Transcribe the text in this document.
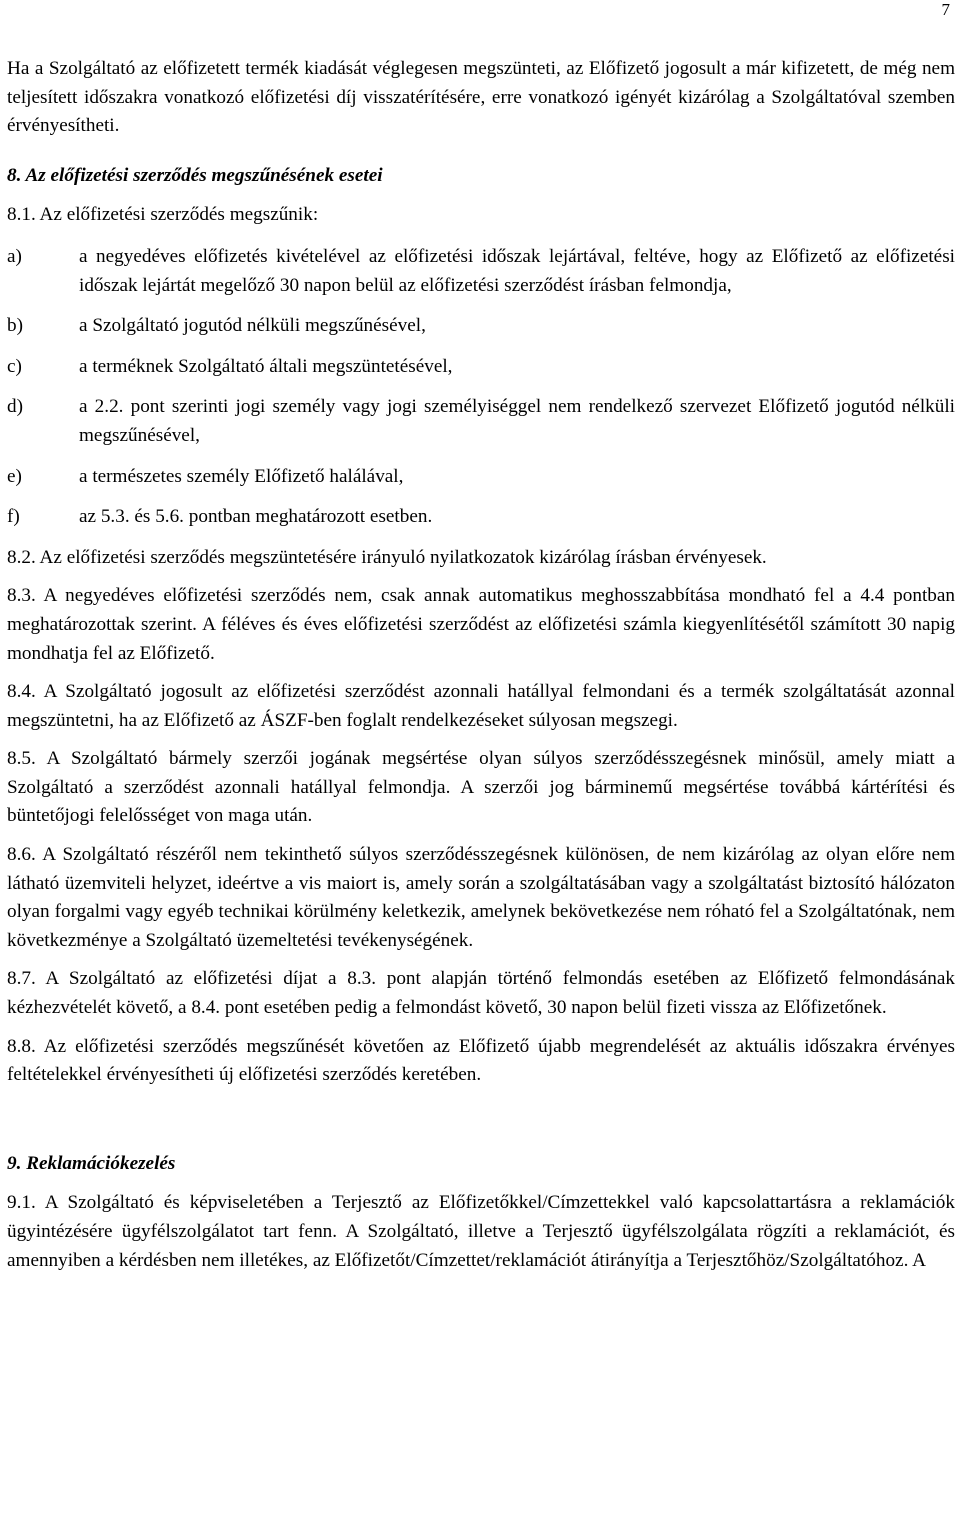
7

Ha a Szolgáltató az előfizetett termék kiadását véglegesen megszünteti, az Előfizető jogosult a már kifizetett, de még nem teljesített időszakra vonatkozó előfizetési díj visszatérítésére, erre vonatkozó igényét kizárólag a Szolgáltatóval szemben érvényesítheti.

8. Az előfizetési szerződés megszűnésének esetei

8.1. Az előfizetési szerződés megszűnik:

a)	a negyedéves előfizetés kivételével az előfizetési időszak lejártával, feltéve, hogy az Előfizető az előfizetési időszak lejártát megelőző 30 napon belül az előfizetési szerződést írásban felmondja,

b)	a Szolgáltató jogutód nélküli megszűnésével,

c)	a terméknek Szolgáltató általi megszüntetésével,

d)	a 2.2. pont szerinti jogi személy vagy jogi személyiséggel nem rendelkező szervezet Előfizető jogutód nélküli megszűnésével,

e)	a természetes személy Előfizető halálával,

f)	az 5.3. és 5.6. pontban meghatározott esetben.

8.2. Az előfizetési szerződés megszüntetésére irányuló nyilatkozatok kizárólag írásban érvényesek.

8.3. A negyedéves előfizetési szerződés nem, csak annak automatikus meghosszabbítása mondható fel a 4.4 pontban meghatározottak szerint. A féléves és éves előfizetési szerződést az előfizetési számla kiegyenlítésétől számított 30 napig mondhatja fel az Előfizető.

8.4. A Szolgáltató jogosult az előfizetési szerződést azonnali hatállyal felmondani és a termék szolgáltatását azonnal megszüntetni, ha az Előfizető az ÁSZF-ben foglalt rendelkezéseket súlyosan megszegi.

8.5. A Szolgáltató bármely szerzői jogának megsértése olyan súlyos szerződésszegésnek minősül, amely miatt a Szolgáltató a szerződést azonnali hatállyal felmondja. A szerzői jog bárminemű megsértése továbbá kártérítési és büntetőjogi felelősséget von maga után.

8.6. A Szolgáltató részéről nem tekinthető súlyos szerződésszegésnek különösen, de nem kizárólag az olyan előre nem látható üzemviteli helyzet, ideértve a vis maiort is, amely során a szolgáltatásában vagy a szolgáltatást biztosító hálózaton olyan forgalmi vagy egyéb technikai körülmény keletkezik, amelynek bekövetkezése nem róható fel a Szolgáltatónak, nem következménye a Szolgáltató üzemeltetési tevékenységének.

8.7. A Szolgáltató az előfizetési díjat a 8.3. pont alapján történő felmondás esetében az Előfizető felmondásának kézhezvételét követő, a 8.4. pont esetében pedig a felmondást követő, 30 napon belül fizeti vissza az Előfizetőnek.

8.8. Az előfizetési szerződés megszűnését követően az Előfizető újabb megrendelését az aktuális időszakra érvényes feltételekkel érvényesítheti új előfizetési szerződés keretében.

9. Reklamációkezelés

9.1. A Szolgáltató és képviseletében a Terjesztő az Előfizetőkkel/Címzettekkel való kapcsolattartásra a reklamációk ügyintézésére ügyfélszolgálatot tart fenn. A Szolgáltató, illetve a Terjesztő ügyfélszolgálata rögzíti a reklamációt, és amennyiben a kérdésben nem illetékes, az Előfizetőt/Címzettet/reklamációt átirányítja a Terjesztőhöz/Szolgáltatóhoz. A
